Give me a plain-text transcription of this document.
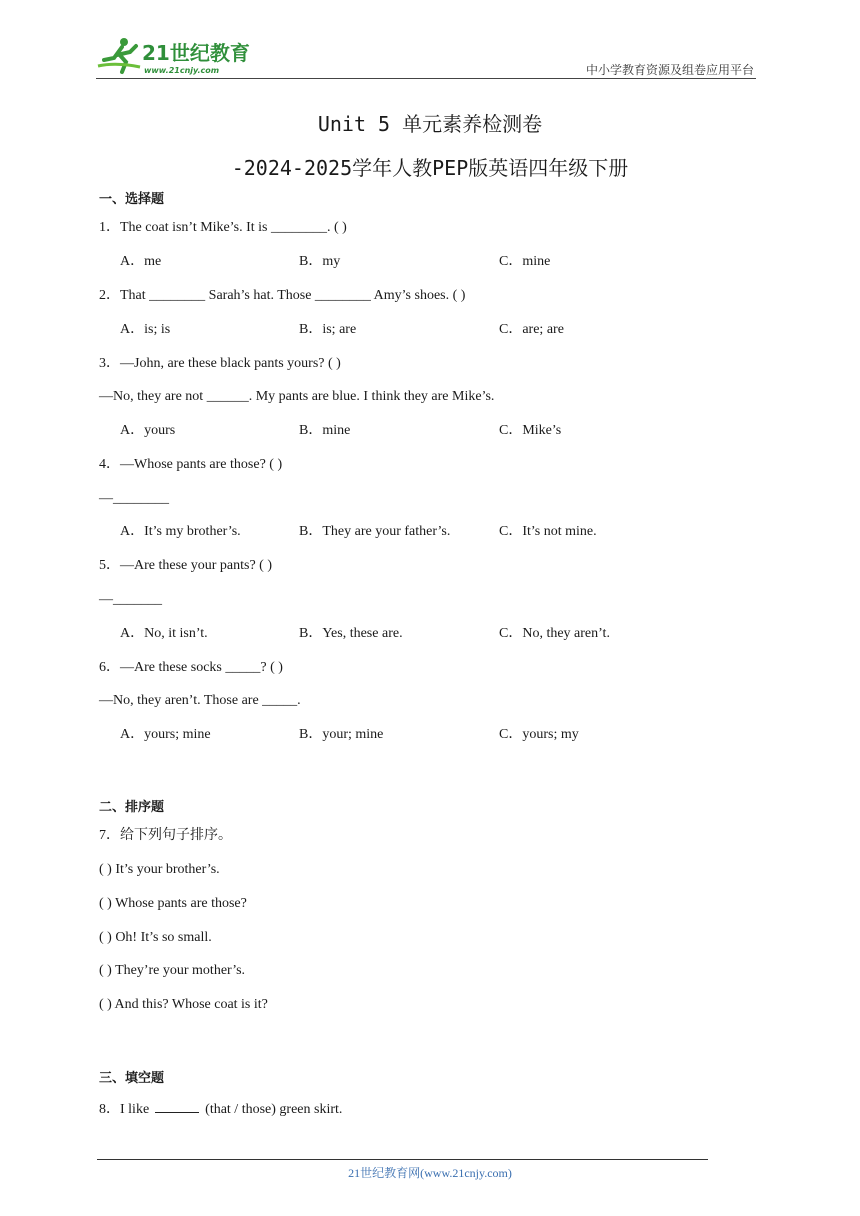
21世纪教育
www.21cnjy.com	中小学教育资源及组卷应用平台
Unit 5 单元素养检测卷
-2024-2025学年人教PEP版英语四年级下册
一、选择题
1．The coat isn’t Mike’s. It is ________. ( )
A．me	B．my	C．mine
2．That ________ Sarah’s hat. Those ________ Amy’s shoes. ( )
A．is; is	B．is; are	C．are; are
3．—John, are these black pants yours? ( )
—No, they are not ______. My pants are blue. I think they are Mike’s.
A．yours	B．mine	C．Mike’s
4．—Whose pants are those? ( )
—________
A．It’s my brother’s.	B．They are your father’s.	C．It’s not mine.
5．—Are these your pants? ( )
—_______
A．No, it isn’t.	B．Yes, these are.	C．No, they aren’t.
6．—Are these socks _____? ( )
—No, they aren’t. Those are _____.
A．yours; mine	B．your; mine	C．yours; my
二、排序题
7．给下列句子排序。
( ) It’s your brother’s.
( ) Whose pants are those?
( ) Oh! It’s so small.
( ) They’re your mother’s.
( ) And this? Whose coat is it?
三、填空题
8．I like	(that / those) green skirt.
21世纪教育网(www.21cnjy.com)
